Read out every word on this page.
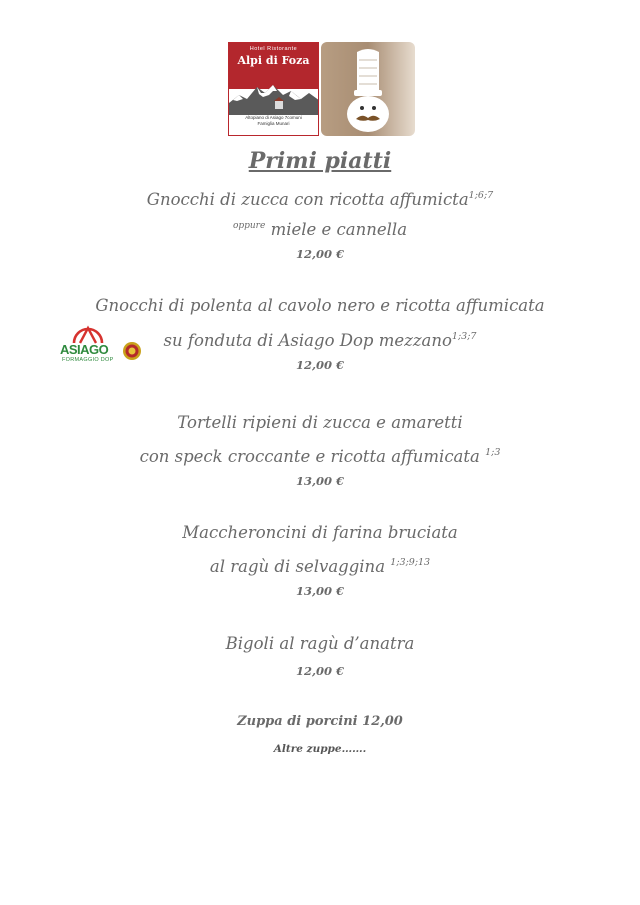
Hotel Ristorante
Alpi di Foza
Altopiano di Asiago 7comuni
Famiglia Munari
Primi piatti
Gnocchi di zucca con ricotta affumicta$^{1;6;7}$
$^{oppure}$ miele e cannella
12,00 €
Gnocchi di polenta al cavolo nero e ricotta affumicata
su fonduta di Asiago Dop mezzano$^{1;3;7}$
12,00 €
ASIAGO
FORMAGGIO DOP
Tortelli ripieni di zucca e amaretti
con speck croccante e ricotta affumicata $^{1;3}$
13,00 €
Maccheroncini di farina bruciata
al ragù di selvaggina $^{1;3;9;13}$
13,00 €
Bigoli al ragù d’anatra
12,00 €
Zuppa di porcini 12,00
Altre zuppe…….
